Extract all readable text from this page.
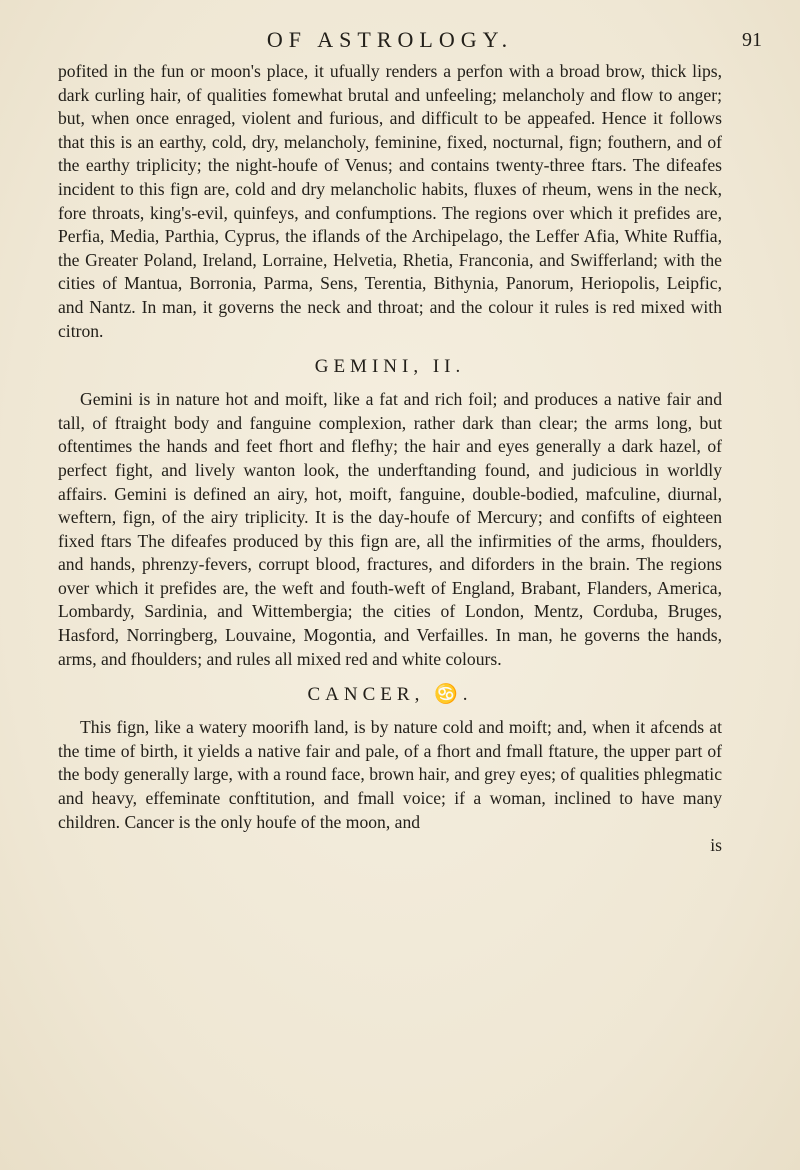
OF ASTROLOGY.	91

pofited in the fun or moon's place, it ufually renders a perfon with a broad brow, thick lips, dark curling hair, of qualities fomewhat brutal and unfeeling; melancholy and flow to anger; but, when once enraged, violent and furious, and difficult to be appeafed. Hence it follows that this is an earthy, cold, dry, melancholy, feminine, fixed, nocturnal, fign; fouthern, and of the earthy triplicity; the night-houfe of Venus; and contains twenty-three ftars. The difeafes incident to this fign are, cold and dry melancholic habits, fluxes of rheum, wens in the neck, fore throats, king's-evil, quinfeys, and confumptions. The regions over which it prefides are, Perfia, Media, Parthia, Cyprus, the iflands of the Archipelago, the Leffer Afia, White Ruffia, the Greater Poland, Ireland, Lorraine, Helvetia, Rhetia, Franconia, and Swifferland; with the cities of Mantua, Borronia, Parma, Sens, Terentia, Bithynia, Panorum, Heriopolis, Leipfic, and Nantz. In man, it governs the neck and throat; and the colour it rules is red mixed with citron.

GEMINI, II.

Gemini is in nature hot and moift, like a fat and rich foil; and produces a native fair and tall, of ftraight body and fanguine complexion, rather dark than clear; the arms long, but oftentimes the hands and feet fhort and flefhy; the hair and eyes generally a dark hazel, of perfect fight, and lively wanton look, the underftanding found, and judicious in worldly affairs. Gemini is defined an airy, hot, moift, fanguine, double-bodied, mafculine, diurnal, weftern, fign, of the airy triplicity. It is the day-houfe of Mercury; and confifts of eighteen fixed ftars The difeafes produced by this fign are, all the infirmities of the arms, fhoulders, and hands, phrenzy-fevers, corrupt blood, fractures, and diforders in the brain. The regions over which it prefides are, the weft and fouth-weft of England, Brabant, Flanders, America, Lombardy, Sardinia, and Wittembergia; the cities of London, Mentz, Corduba, Bruges, Hasford, Norringberg, Louvaine, Mogontia, and Verfailles. In man, he governs the hands, arms, and fhoulders; and rules all mixed red and white colours.

CANCER, ♋.

This fign, like a watery moorifh land, is by nature cold and moift; and, when it afcends at the time of birth, it yields a native fair and pale, of a fhort and fmall ftature, the upper part of the body generally large, with a round face, brown hair, and grey eyes; of qualities phlegmatic and heavy, effeminate conftitution, and fmall voice; if a woman, inclined to have many children. Cancer is the only houfe of the moon, and

is
